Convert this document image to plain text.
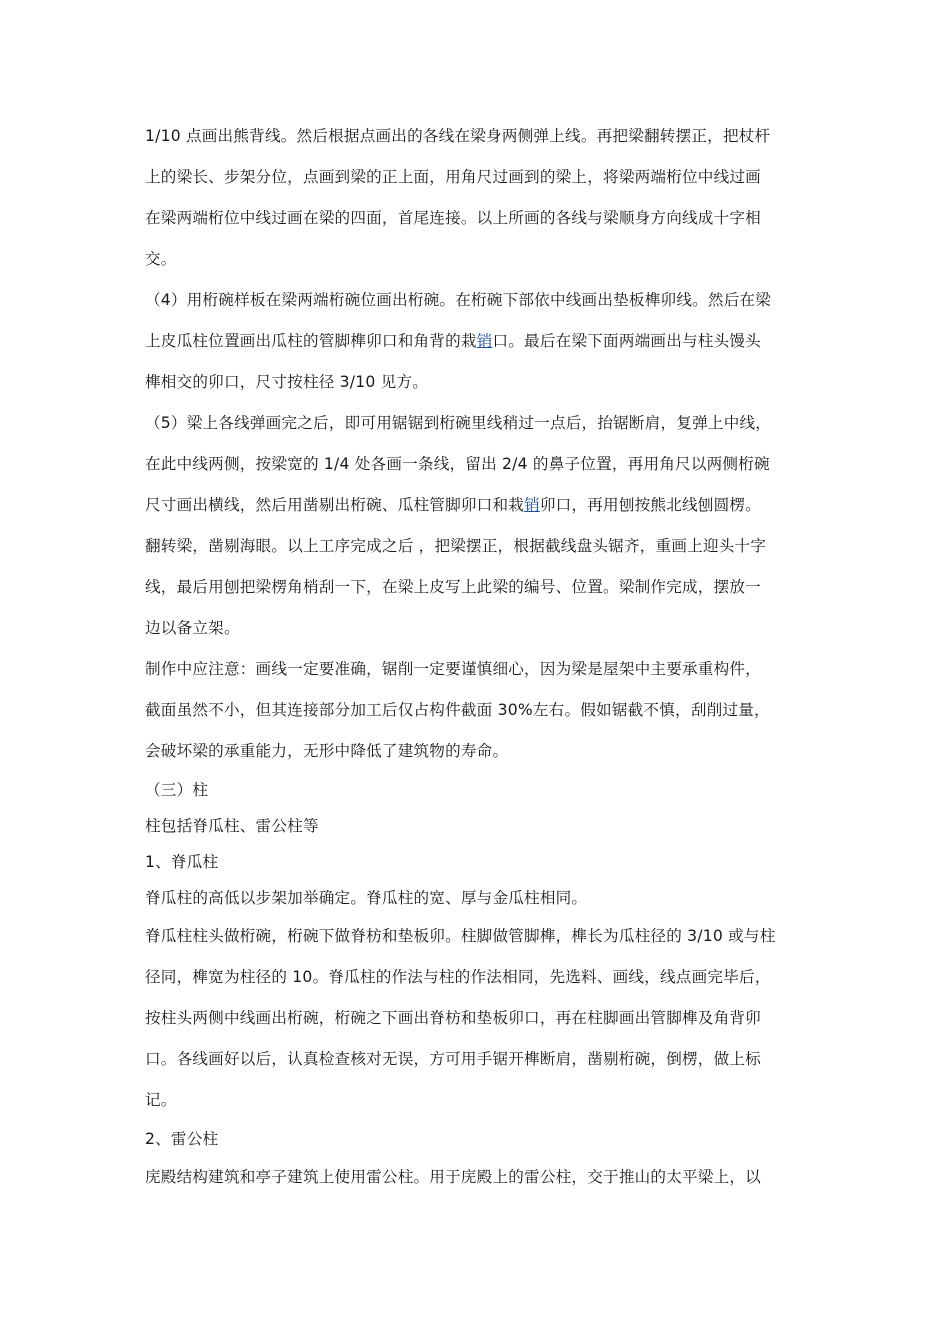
1/10 点画出熊背线。然后根据点画出的各线在梁身两侧弹上线。再把梁翻转摆正，把杖杆
上的梁长、步架分位，点画到梁的正上面，用角尺过画到的梁上，将梁两端桁位中线过画
在梁两端桁位中线过画在梁的四面，首尾连接。以上所画的各线与梁顺身方向线成十字相
交。
（4）用桁碗样板在梁两端桁碗位画出桁碗。在桁碗下部依中线画出垫板榫卯线。然后在梁
上皮瓜柱位置画出瓜柱的管脚榫卯口和角背的栽销口。最后在梁下面两端画出与柱头馒头
榫相交的卯口，尺寸按柱径 3/10 见方。
（5）梁上各线弹画完之后，即可用锯锯到桁碗里线稍过一点后，抬锯断肩，复弹上中线，
在此中线两侧，按梁宽的 1/4 处各画一条线，留出 2/4 的鼻子位置，再用角尺以两侧桁碗
尺寸画出横线，然后用凿剔出桁碗、瓜柱管脚卯口和栽销卯口，再用刨按熊北线刨圆楞。
翻转梁，凿剔海眼。以上工序完成之后 ，把梁摆正，根据截线盘头锯齐，重画上迎头十字
线，最后用刨把梁楞角梢刮一下，在梁上皮写上此梁的编号、位置。梁制作完成，摆放一
边以备立架。
制作中应注意：画线一定要准确，锯削一定要谨慎细心，因为梁是屋架中主要承重构件，
截面虽然不小，但其连接部分加工后仅占构件截面 30%左右。假如锯截不慎，刮削过量，
会破坏梁的承重能力，无形中降低了建筑物的寿命。
（三）柱
柱包括脊瓜柱、雷公柱等
1、脊瓜柱
脊瓜柱的高低以步架加举确定。脊瓜柱的宽、厚与金瓜柱相同。
脊瓜柱柱头做桁碗，桁碗下做脊枋和垫板卯。柱脚做管脚榫，榫长为瓜柱径的 3/10 或与柱
径同，榫宽为柱径的 10。脊瓜柱的作法与柱的作法相同，先选料、画线，线点画完毕后，
按柱头两侧中线画出桁碗，桁碗之下画出脊枋和垫板卯口，再在柱脚画出管脚榫及角背卯
口。各线画好以后，认真检查核对无误，方可用手锯开榫断肩，凿剔桁碗，倒楞，做上标
记。
2、雷公柱
庑殿结构建筑和亭子建筑上使用雷公柱。用于庑殿上的雷公柱，交于推山的太平梁上，以
